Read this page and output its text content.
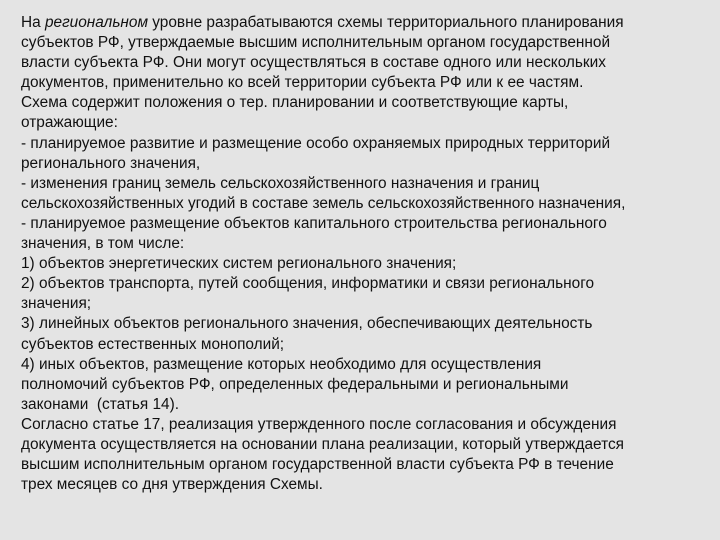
На региональном уровне разрабатываются схемы территориального планирования
субъектов РФ, утверждаемые высшим исполнительным органом государственной
власти субъекта РФ. Они могут осуществляться в составе одного или нескольких
документов, применительно ко всей территории субъекта РФ или к ее частям.
Схема содержит положения о тер. планировании и соответствующие карты,
отражающие:
- планируемое развитие и размещение особо охраняемых природных территорий
регионального значения,
- изменения границ земель сельскохозяйственного назначения и границ
сельскохозяйственных угодий в составе земель сельскохозяйственного назначения,
- планируемое размещение объектов капитального строительства регионального
значения, в том числе:
1) объектов энергетических систем регионального значения;
2) объектов транспорта, путей сообщения, информатики и связи регионального
значения;
3) линейных объектов регионального значения, обеспечивающих деятельность
субъектов естественных монополий;
4) иных объектов, размещение которых необходимо для осуществления
полномочий субъектов РФ, определенных федеральными и региональными
законами  (статья 14).
Согласно статье 17, реализация утвержденного после согласования и обсуждения
документа осуществляется на основании плана реализации, который утверждается
высшим исполнительным органом государственной власти субъекта РФ в течение
трех месяцев со дня утверждения Схемы.
